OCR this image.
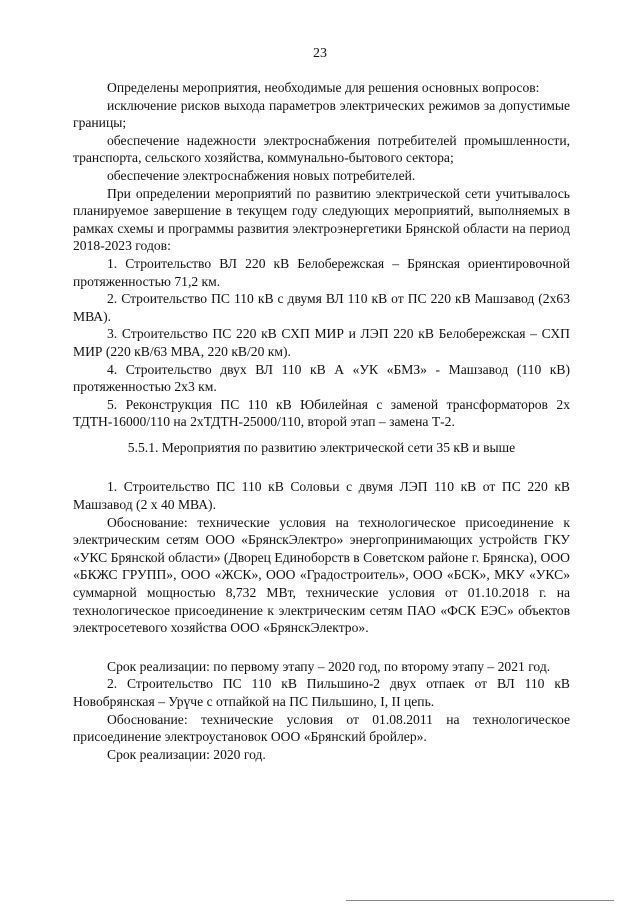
23

Определены мероприятия, необходимые для решения основных вопросов:

исключение рисков выхода параметров электрических режимов за допустимые границы;

обеспечение надежности электроснабжения потребителей промышленности, транспорта, сельского хозяйства, коммунально-бытового сектора;

обеспечение электроснабжения новых потребителей.

При определении мероприятий по развитию электрической сети учитывалось планируемое завершение в текущем году следующих мероприятий, выполняемых в рамках схемы и программы развития электроэнергетики Брянской области на период 2018-2023 годов:

1. Строительство ВЛ 220 кВ Белобережская – Брянская ориентировочной протяженностью 71,2 км.

2. Строительство ПС 110 кВ с двумя ВЛ 110 кВ от ПС 220 кВ Машзавод (2х63 МВА).

3. Строительство ПС 220 кВ СХП МИР и ЛЭП 220 кВ Белобережская – СХП МИР (220 кВ/63 МВА, 220 кВ/20 км).

4. Строительство двух ВЛ 110 кВ А «УК «БМЗ» - Машзавод (110 кВ) протяженностью 2х3 км.

5. Реконструкция ПС 110 кВ Юбилейная с заменой трансформаторов 2х ТДТН-16000/110 на 2хТДТН-25000/110, второй этап – замена Т-2.

5.5.1. Мероприятия по развитию электрической сети 35 кВ и выше

1. Строительство ПС 110 кВ Соловьи с двумя ЛЭП 110 кВ от ПС 220 кВ Машзавод (2 х 40 МВА).

Обоснование: технические условия на технологическое присоединение к электрическим сетям ООО «БрянскЭлектро» энергопринимающих устройств ГКУ «УКС Брянской области» (Дворец Единоборств в Советском районе г. Брянска), ООО «БКЖС ГРУПП», ООО «ЖСК», ООО «Градостроитель», ООО «БСК», МКУ «УКС» суммарной мощностью 8,732 МВт, технические условия от 01.10.2018 г. на технологическое присоединение к электрическим сетям ПАО «ФСК ЕЭС» объектов электросетевого хозяйства ООО «БрянскЭлектро».

Срок реализации: по первому этапу – 2020 год, по второму этапу – 2021 год.

2. Строительство ПС 110 кВ Пильшино-2 двух отпаек от ВЛ 110 кВ Новобрянская – Урүче с отпайкой на ПС Пильшино, I, II цепь.

Обоснование: технические условия от 01.08.2011 на технологическое присоединение электроустановок ООО «Брянский бройлер».

Срок реализации: 2020 год.
